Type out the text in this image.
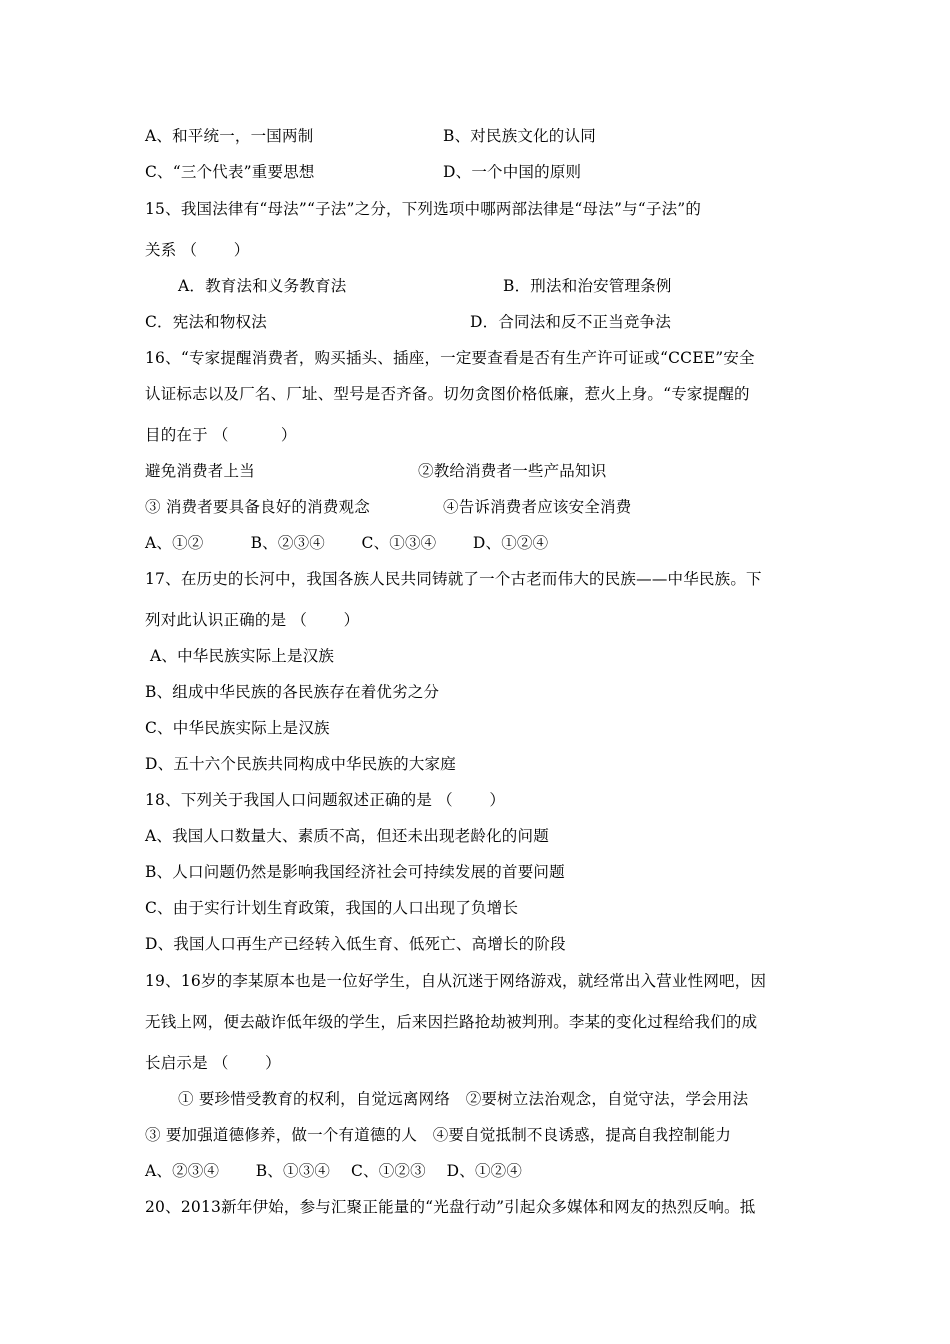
A、和平统一，一国两制	B、对民族文化的认同
C、“三个代表”重要思想	D、一个中国的原则
15、我国法律有“母法”“子法”之分，下列选项中哪两部法律是“母法”与“子法”的
关系 （　　 ）
A．教育法和义务教育法	B．刑法和治安管理条例
C．宪法和物权法	D．合同法和反不正当竞争法
16、“专家提醒消费者，购买插头、插座，一定要查看是否有生产许可证或“CCEE”安全
认证标志以及厂名、厂址、型号是否齐备。切勿贪图价格低廉，惹火上身。“专家提醒的
目的在于 （　　　 ）
避免消费者上当	②教给消费者一些产品知识
③ 消费者要具备良好的消费观念	④告诉消费者应该安全消费
A、①②　　　B、②③④　　 C、①③④　　 D、①②④
17、在历史的长河中，我国各族人民共同铸就了一个古老而伟大的民族——中华民族。下
列对此认识正确的是 （　　 ）
A、中华民族实际上是汉族
B、组成中华民族的各民族存在着优劣之分
C、中华民族实际上是汉族
D、五十六个民族共同构成中华民族的大家庭
18、下列关于我国人口问题叙述正确的是 （　　 ）
A、我国人口数量大、素质不高，但还未出现老龄化的问题
B、人口问题仍然是影响我国经济社会可持续发展的首要问题
C、由于实行计划生育政策，我国的人口出现了负增长
D、我国人口再生产已经转入低生育、低死亡、高增长的阶段
19、16岁的李某原本也是一位好学生，自从沉迷于网络游戏，就经常出入营业性网吧，因
无钱上网，便去敲诈低年级的学生，后来因拦路抢劫被判刑。李某的变化过程给我们的成
长启示是 （　　 ）
① 要珍惜受教育的权利，自觉远离网络　②要树立法治观念，自觉守法，学会用法
③ 要加强道德修养，做一个有道德的人　④要自觉抵制不良诱惑，提高自我控制能力
A、②③④　　 B、①③④　 C、①②③　 D、①②④
20、2013新年伊始，参与汇聚正能量的“光盘行动”引起众多媒体和网友的热烈反响。抵
